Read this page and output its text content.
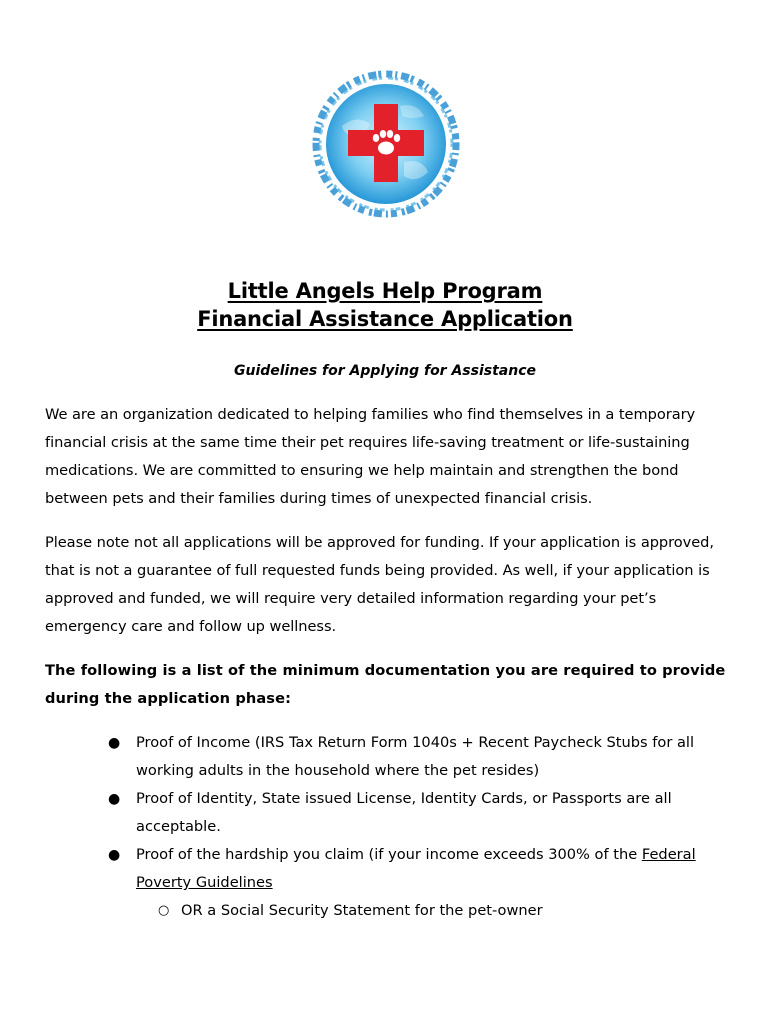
Little Angels Help Program
Financial Assistance Application
Guidelines for Applying for Assistance

We are an organization dedicated to helping families who find themselves in a temporary financial crisis at the same time their pet requires life-saving treatment or life-sustaining medications. We are committed to ensuring we help maintain and strengthen the bond between pets and their families during times of unexpected financial crisis.

Please note not all applications will be approved for funding. If your application is approved, that is not a guarantee of full requested funds being provided. As well, if your application is approved and funded, we will require very detailed information regarding your pet’s emergency care and follow up wellness.

The following is a list of the minimum documentation you are required to provide during the application phase:

● Proof of Income (IRS Tax Return Form 1040s + Recent Paycheck Stubs for all working adults in the household where the pet resides)
● Proof of Identity, State issued License, Identity Cards, or Passports are all acceptable.
● Proof of the hardship you claim (if your income exceeds 300% of the Federal Poverty Guidelines
○ OR a Social Security Statement for the pet-owner
